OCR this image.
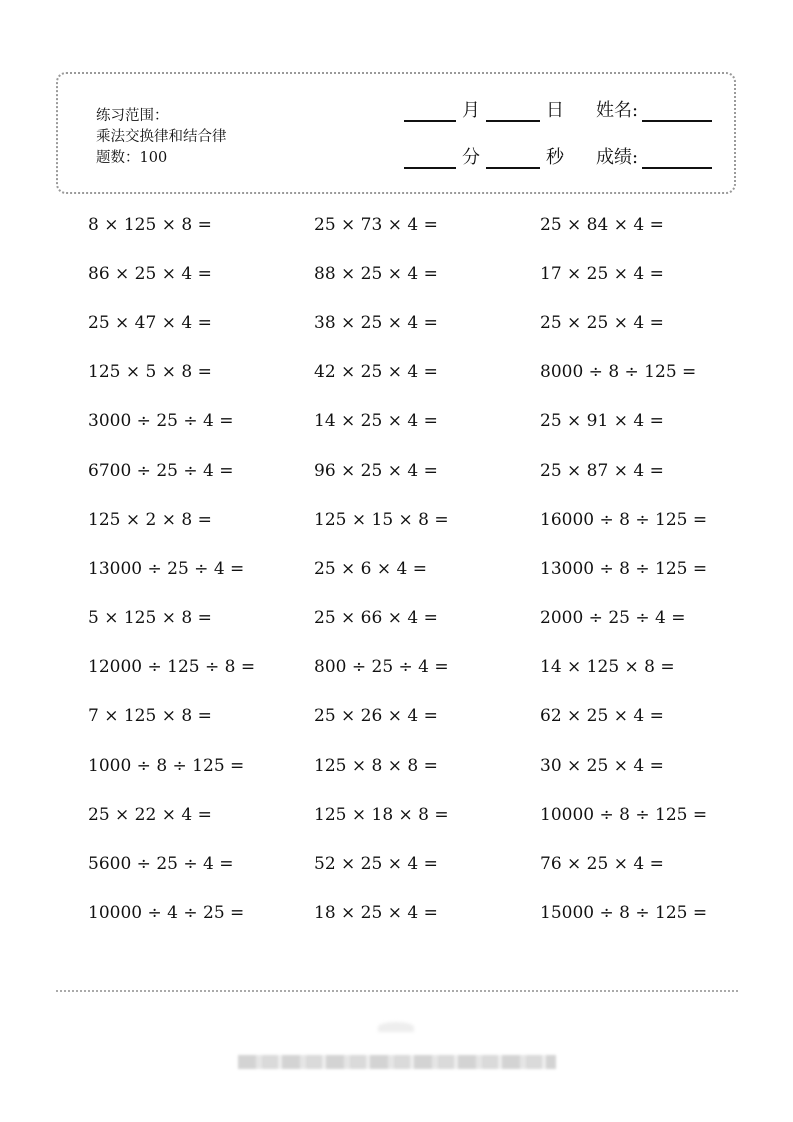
练习范围：
乘法交换律和结合律
题数：100
月	日 姓名:
分	秒 成绩:
8 × 125 × 8 =	25 × 73 × 4 =	25 × 84 × 4 =
86 × 25 × 4 =	88 × 25 × 4 =	17 × 25 × 4 =
25 × 47 × 4 =	38 × 25 × 4 =	25 × 25 × 4 =
125 × 5 × 8 =	42 × 25 × 4 =	8000 ÷ 8 ÷ 125 =
3000 ÷ 25 ÷ 4 =	14 × 25 × 4 =	25 × 91 × 4 =
6700 ÷ 25 ÷ 4 =	96 × 25 × 4 =	25 × 87 × 4 =
125 × 2 × 8 =	125 × 15 × 8 =	16000 ÷ 8 ÷ 125 =
13000 ÷ 25 ÷ 4 =	25 × 6 × 4 =	13000 ÷ 8 ÷ 125 =
5 × 125 × 8 =	25 × 66 × 4 =	2000 ÷ 25 ÷ 4 =
12000 ÷ 125 ÷ 8 =	800 ÷ 25 ÷ 4 =	14 × 125 × 8 =
7 × 125 × 8 =	25 × 26 × 4 =	62 × 25 × 4 =
1000 ÷ 8 ÷ 125 =	125 × 8 × 8 =	30 × 25 × 4 =
25 × 22 × 4 =	125 × 18 × 8 =	10000 ÷ 8 ÷ 125 =
5600 ÷ 25 ÷ 4 =	52 × 25 × 4 =	76 × 25 × 4 =
10000 ÷ 4 ÷ 25 =	18 × 25 × 4 =	15000 ÷ 8 ÷ 125 =
